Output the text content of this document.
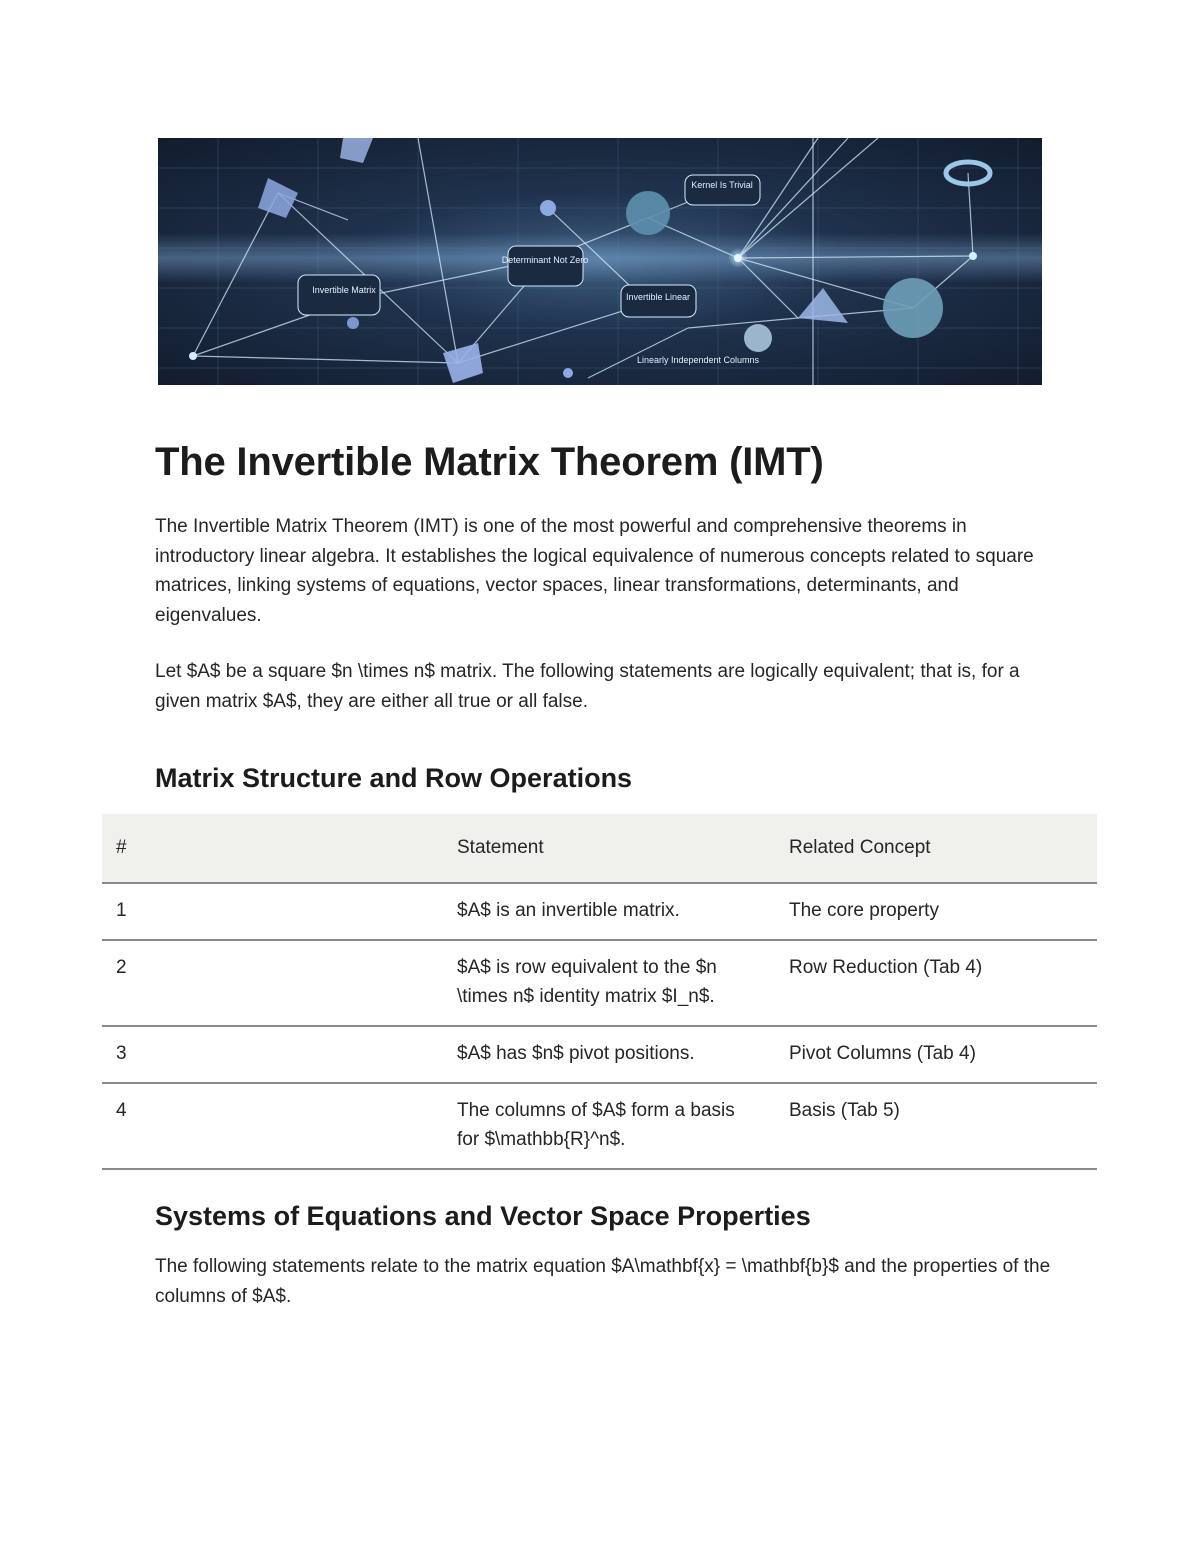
Kernel Is Trivial
Determinant Not Zero
Invertible Matrix
Invertible Linear
Linearly Independent Columns
The Invertible Matrix Theorem (IMT)

The Invertible Matrix Theorem (IMT) is one of the most powerful and comprehensive theorems in introductory linear algebra. It establishes the logical equivalence of numerous concepts related to square matrices, linking systems of equations, vector spaces, linear transformations, determinants, and eigenvalues.

Let $A$ be a square $n \times n$ matrix. The following statements are logically equivalent; that is, for a given matrix $A$, they are either all true or all false.

Matrix Structure and Row Operations
#	Statement	Related Concept
1	$A$ is an invertible matrix.	The core property
2	$A$ is row equivalent to the $n \times n$ identity matrix $I_n$.	Row Reduction (Tab 4)
3	$A$ has $n$ pivot positions.	Pivot Columns (Tab 4)
4	The columns of $A$ form a basis for $\mathbb{R}^n$.	Basis (Tab 5)
Systems of Equations and Vector Space Properties

The following statements relate to the matrix equation $A\mathbf{x} = \mathbf{b}$ and the properties of the columns of $A$.
